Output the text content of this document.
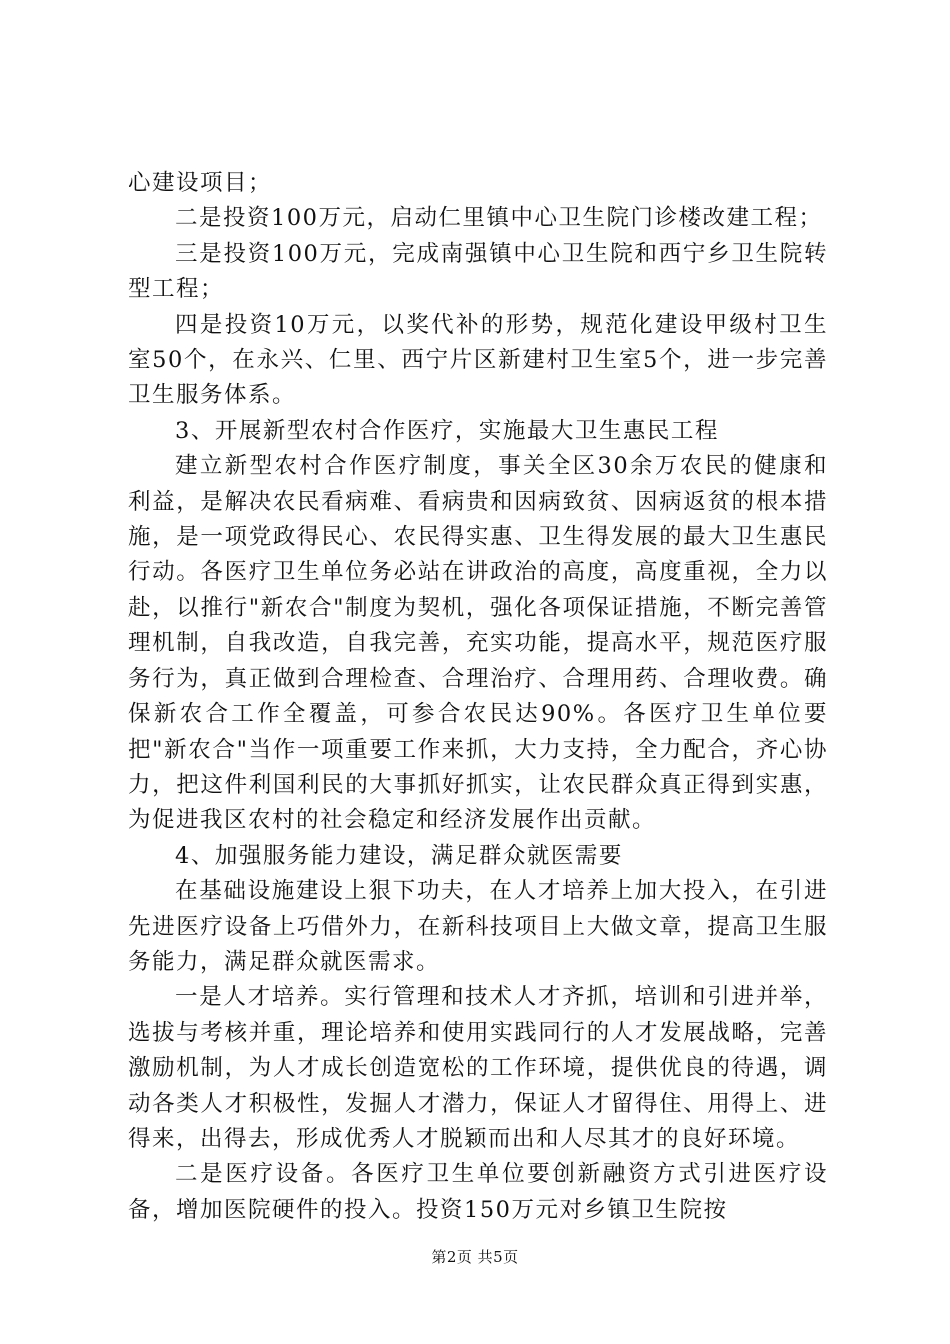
心建设项目；

二是投资100万元，启动仁里镇中心卫生院门诊楼改建工程；

三是投资100万元，完成南强镇中心卫生院和西宁乡卫生院转型工程；

四是投资10万元，以奖代补的形势，规范化建设甲级村卫生室50个，在永兴、仁里、西宁片区新建村卫生室5个，进一步完善卫生服务体系。

3、开展新型农村合作医疗，实施最大卫生惠民工程

建立新型农村合作医疗制度，事关全区30余万农民的健康和利益，是解决农民看病难、看病贵和因病致贫、因病返贫的根本措施，是一项党政得民心、农民得实惠、卫生得发展的最大卫生惠民行动。各医疗卫生单位务必站在讲政治的高度，高度重视，全力以赴，以推行"新农合"制度为契机，强化各项保证措施，不断完善管理机制，自我改造，自我完善，充实功能，提高水平，规范医疗服务行为，真正做到合理检查、合理治疗、合理用药、合理收费。确保新农合工作全覆盖，可参合农民达90%。各医疗卫生单位要把"新农合"当作一项重要工作来抓，大力支持，全力配合，齐心协力，把这件利国利民的大事抓好抓实，让农民群众真正得到实惠，为促进我区农村的社会稳定和经济发展作出贡献。

4、加强服务能力建设，满足群众就医需要

在基础设施建设上狠下功夫，在人才培养上加大投入，在引进先进医疗设备上巧借外力，在新科技项目上大做文章，提高卫生服务能力，满足群众就医需求。

一是人才培养。实行管理和技术人才齐抓，培训和引进并举，选拔与考核并重，理论培养和使用实践同行的人才发展战略，完善激励机制，为人才成长创造宽松的工作环境，提供优良的待遇，调动各类人才积极性，发掘人才潜力，保证人才留得住、用得上、进得来，出得去，形成优秀人才脱颖而出和人尽其才的良好环境。

二是医疗设备。各医疗卫生单位要创新融资方式引进医疗设备，增加医院硬件的投入。投资150万元对乡镇卫生院按

第2页 共5页
